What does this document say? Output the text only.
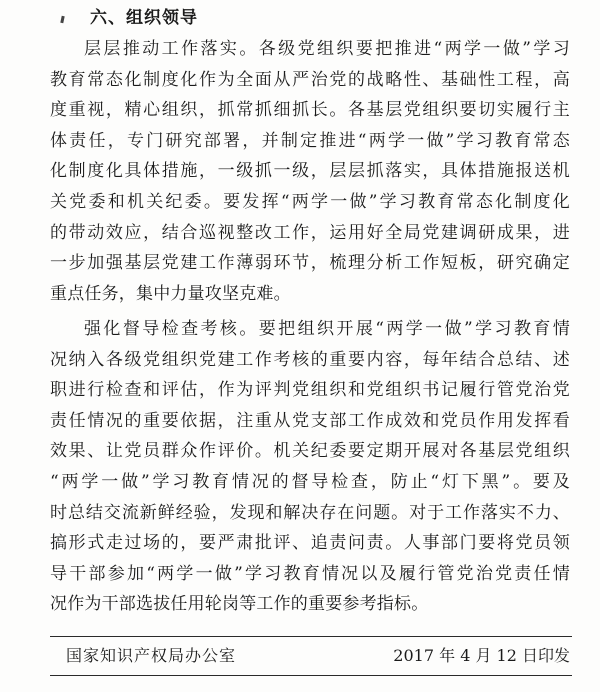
六、组织领导
层层推动工作落实。各级党组织要把推进“两学一做”学习
教育常态化制度化作为全面从严治党的战略性、基础性工程，高
度重视，精心组织，抓常抓细抓长。各基层党组织要切实履行主
体责任，专门研究部署，并制定推进“两学一做”学习教育常态
化制度化具体措施，一级抓一级，层层抓落实，具体措施报送机
关党委和机关纪委。要发挥“两学一做”学习教育常态化制度化
的带动效应，结合巡视整改工作，运用好全局党建调研成果，进
一步加强基层党建工作薄弱环节，梳理分析工作短板，研究确定
重点任务，集中力量攻坚克难。
强化督导检查考核。要把组织开展“两学一做”学习教育情
况纳入各级党组织党建工作考核的重要内容，每年结合总结、述
职进行检查和评估，作为评判党组织和党组织书记履行管党治党
责任情况的重要依据，注重从党支部工作成效和党员作用发挥看
效果、让党员群众作评价。机关纪委要定期开展对各基层党组织
“两学一做”学习教育情况的督导检查，防止“灯下黑”。要及
时总结交流新鲜经验，发现和解决存在问题。对于工作落实不力、
搞形式走过场的，要严肃批评、追责问责。人事部门要将党员领
导干部参加“两学一做”学习教育情况以及履行管党治党责任情
况作为干部选拔任用轮岗等工作的重要参考指标。
国家知识产权局办公室	2017 年 4 月 12 日印发
